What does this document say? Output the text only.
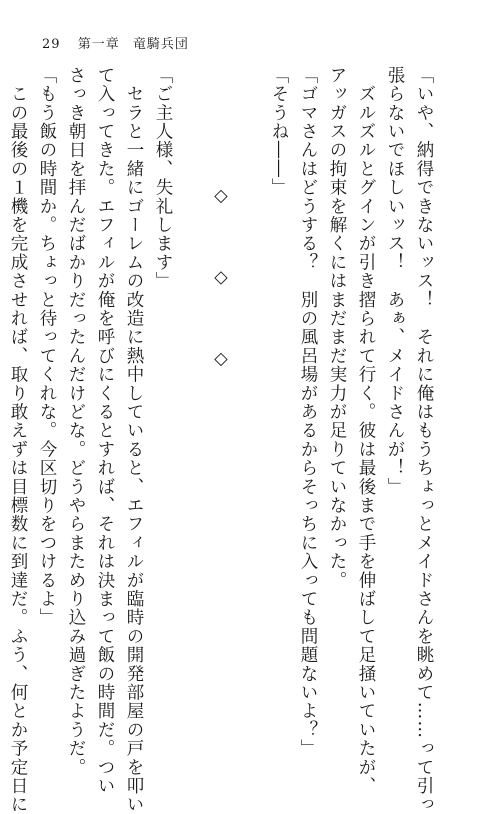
29 第一章 竜騎兵団
「いや、納得できないッス！　それに俺はもうちょっとメイドさんを眺めて……って引っ
張らないでほしいッス！　あぁ、メイドさんが！」
　ズルズルとグインが引き摺られて行く。彼は最後まで手を伸ばして足掻いていたが、
アッガスの拘束を解くにはまだまだ実力が足りていなかった。
「ゴマさんはどうする？　別の風呂場があるからそっちに入っても問題ないよ？」
「そうね――」

◇　◇　◇

「ご主人様、失礼します」
　セラと一緒にゴーレムの改造に熱中していると、エフィルが臨時の開発部屋の戸を叩い
て入ってきた。エフィルが俺を呼びにくるとすれば、それは決まって飯の時間だ。つい
さっき朝日を拝んだばかりだったんだけどな。どうやらまためり込み過ぎたようだ。
「もう飯の時間か。ちょっと待ってくれな。今区切りをつけるよ」
　この最後の１機を完成させれば、取り敢えずは目標数に到達だ。ふう、何とか予定日に
